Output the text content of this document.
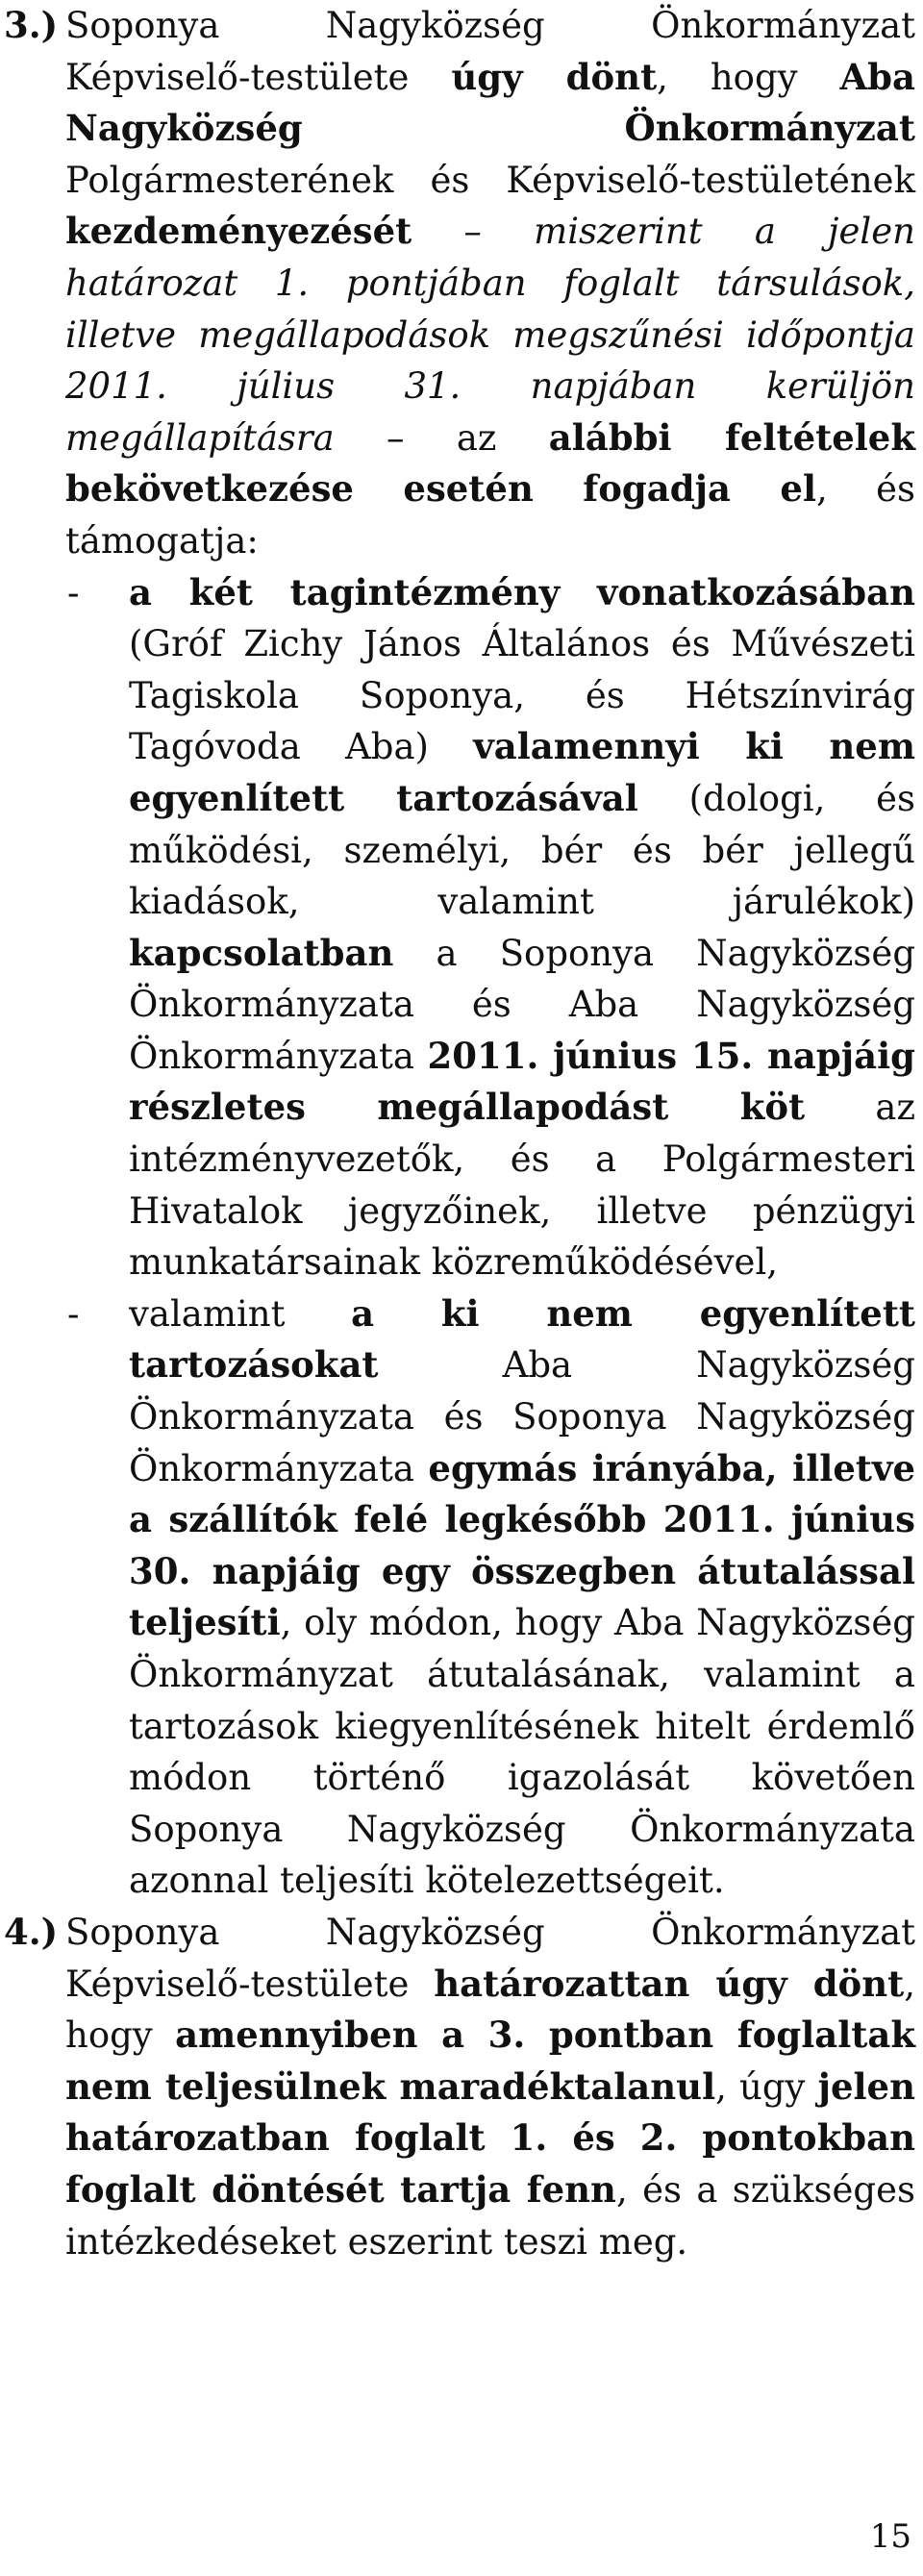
3.) Soponya Nagyközség Önkormányzat Képviselő-testülete úgy dönt, hogy Aba Nagyközség Önkormányzat Polgármesterének és Képviselő-testületének kezdeményezését – miszerint a jelen határozat 1. pontjában foglalt társulások, illetve megállapodások megszűnési időpontja 2011. július 31. napjában kerüljön megállapításra – az alábbi feltételek bekövetkezése esetén fogadja el, és támogatja:
- a két tagintézmény vonatkozásában (Gróf Zichy János Általános és Művészeti Tagiskola Soponya, és Hétszínvirág Tagóvoda Aba) valamennyi ki nem egyenlített tartozásával (dologi, és működési, személyi, bér és bér jellegű kiadások, valamint járulékok) kapcsolatban a Soponya Nagyközség Önkormányzata és Aba Nagyközség Önkormányzata 2011. június 15. napjáig részletes megállapodást köt az intézményvezetők, és a Polgármesteri Hivatalok jegyzőinek, illetve pénzügyi munkatársainak közreműködésével,
- valamint a ki nem egyenlített tartozásokat Aba Nagyközség Önkormányzata és Soponya Nagyközség Önkormányzata egymás irányába, illetve a szállítók felé legkésőbb 2011. június 30. napjáig egy összegben átutalással teljesíti, oly módon, hogy Aba Nagyközség Önkormányzat átutalásának, valamint a tartozások kiegyenlítésének hitelt érdemlő módon történő igazolását követően Soponya Nagyközség Önkormányzata azonnal teljesíti kötelezettségeit.
4.) Soponya Nagyközség Önkormányzat Képviselő-testülete határozattan úgy dönt, hogy amennyiben a 3. pontban foglaltak nem teljesülnek maradéktalanul, úgy jelen határozatban foglalt 1. és 2. pontokban foglalt döntését tartja fenn, és a szükséges intézkedéseket eszerint teszi meg.
15
